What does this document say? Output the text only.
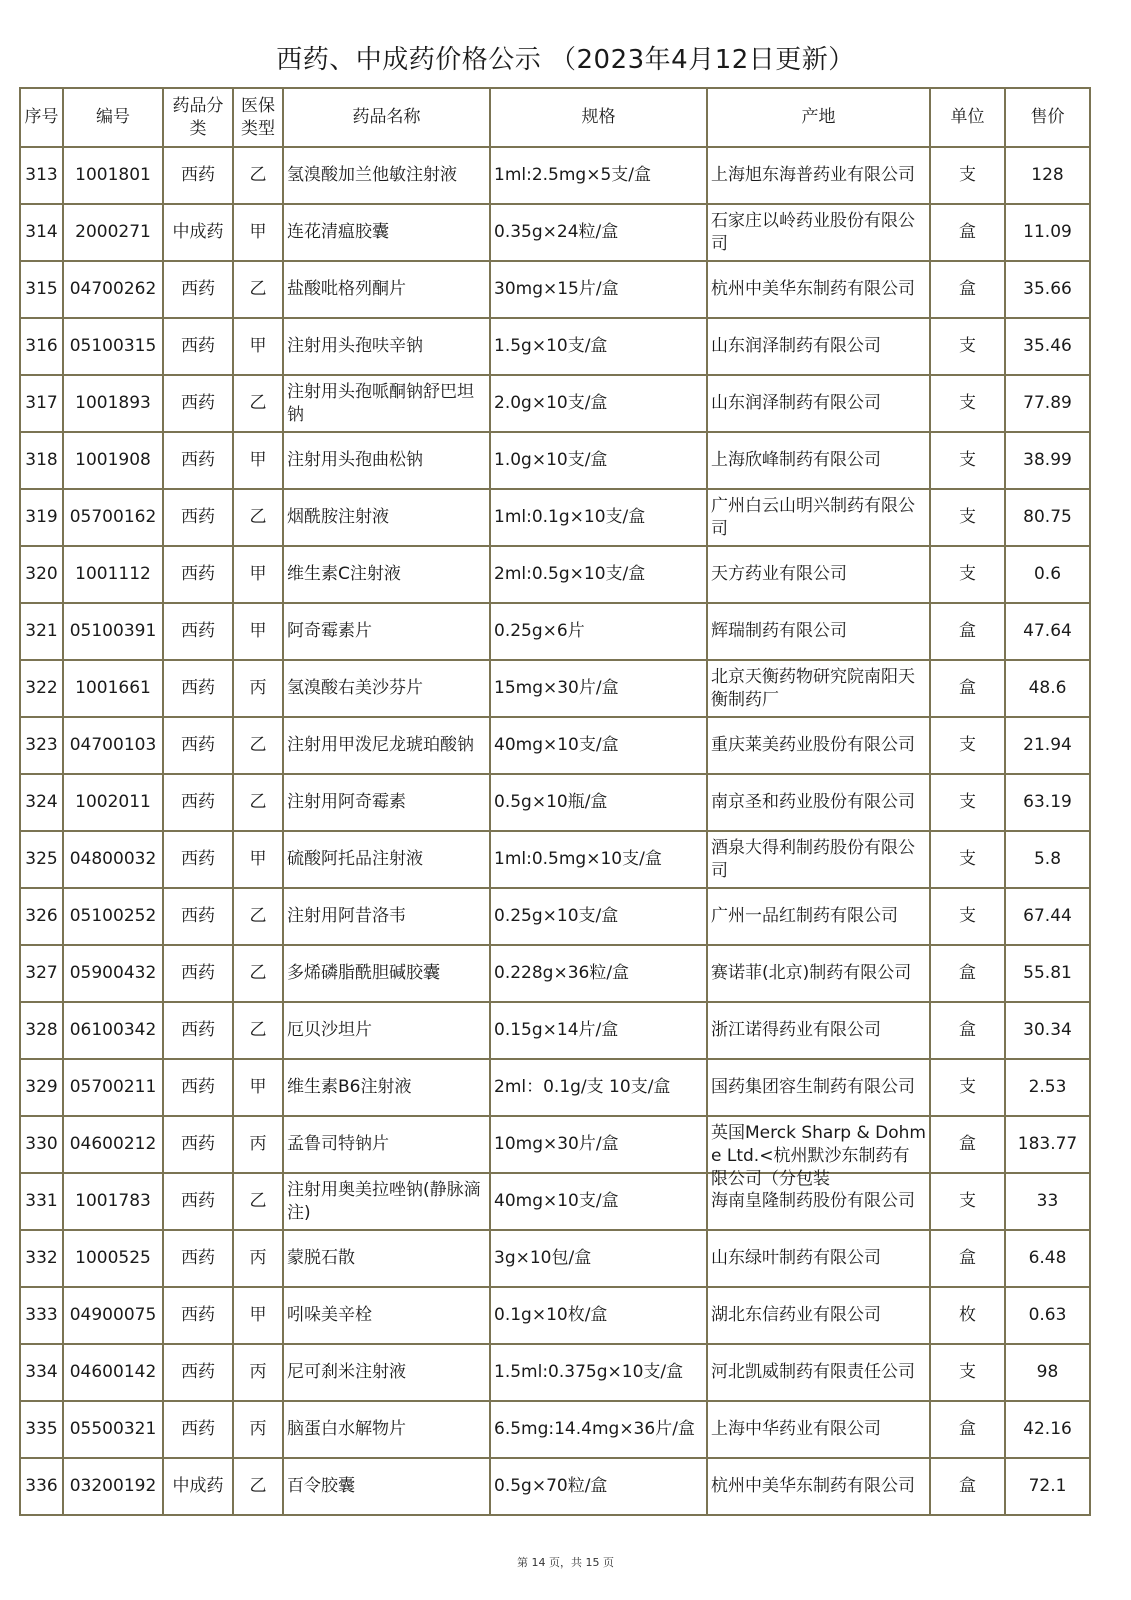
西药、中成药价格公示 （2023年4月12日更新）
序号	编号	药品分类	医保类型	药品名称	规格	产地	单位	售价

313	1001801	西药	乙	氢溴酸加兰他敏注射液	1ml:2.5mg×5支/盒	上海旭东海普药业有限公司	支	128

314	2000271	中成药	甲	连花清瘟胶囊	0.35g×24粒/盒	石家庄以岭药业股份有限公司	盒	11.09

315	04700262	西药	乙	盐酸吡格列酮片	30mg×15片/盒	杭州中美华东制药有限公司	盒	35.66

316	05100315	西药	甲	注射用头孢呋辛钠	1.5g×10支/盒	山东润泽制药有限公司	支	35.46

317	1001893	西药	乙	注射用头孢哌酮钠舒巴坦钠	2.0g×10支/盒	山东润泽制药有限公司	支	77.89

318	1001908	西药	甲	注射用头孢曲松钠	1.0g×10支/盒	上海欣峰制药有限公司	支	38.99

319	05700162	西药	乙	烟酰胺注射液	1ml:0.1g×10支/盒	广州白云山明兴制药有限公司	支	80.75

320	1001112	西药	甲	维生素C注射液	2ml:0.5g×10支/盒	天方药业有限公司	支	0.6

321	05100391	西药	甲	阿奇霉素片	0.25g×6片	辉瑞制药有限公司	盒	47.64

322	1001661	西药	丙	氢溴酸右美沙芬片	15mg×30片/盒	北京天衡药物研究院南阳天衡制药厂	盒	48.6

323	04700103	西药	乙	注射用甲泼尼龙琥珀酸钠	40mg×10支/盒	重庆莱美药业股份有限公司	支	21.94

324	1002011	西药	乙	注射用阿奇霉素	0.5g×10瓶/盒	南京圣和药业股份有限公司	支	63.19

325	04800032	西药	甲	硫酸阿托品注射液	1ml:0.5mg×10支/盒	酒泉大得利制药股份有限公司	支	5.8

326	05100252	西药	乙	注射用阿昔洛韦	0.25g×10支/盒	广州一品红制药有限公司	支	67.44

327	05900432	西药	乙	多烯磷脂酰胆碱胶囊	0.228g×36粒/盒	赛诺菲(北京)制药有限公司	盒	55.81

328	06100342	西药	乙	厄贝沙坦片	0.15g×14片/盒	浙江诺得药业有限公司	盒	30.34

329	05700211	西药	甲	维生素B6注射液	2ml：0.1g/支 10支/盒	国药集团容生制药有限公司	支	2.53

330	04600212	西药	丙	孟鲁司特钠片	10mg×30片/盒	英国Merck Sharp & Dohme Ltd.<杭州默沙东制药有限公司（分包装	盒	183.77

331	1001783	西药	乙	注射用奥美拉唑钠(静脉滴注)	40mg×10支/盒	海南皇隆制药股份有限公司	支	33

332	1000525	西药	丙	蒙脱石散	3g×10包/盒	山东绿叶制药有限公司	盒	6.48

333	04900075	西药	甲	吲哚美辛栓	0.1g×10枚/盒	湖北东信药业有限公司	枚	0.63

334	04600142	西药	丙	尼可刹米注射液	1.5ml:0.375g×10支/盒	河北凯威制药有限责任公司	支	98

335	05500321	西药	丙	脑蛋白水解物片	6.5mg:14.4mg×36片/盒	上海中华药业有限公司	盒	42.16

336	03200192	中成药	乙	百令胶囊	0.5g×70粒/盒	杭州中美华东制药有限公司	盒	72.1
第 14 页，共 15 页
